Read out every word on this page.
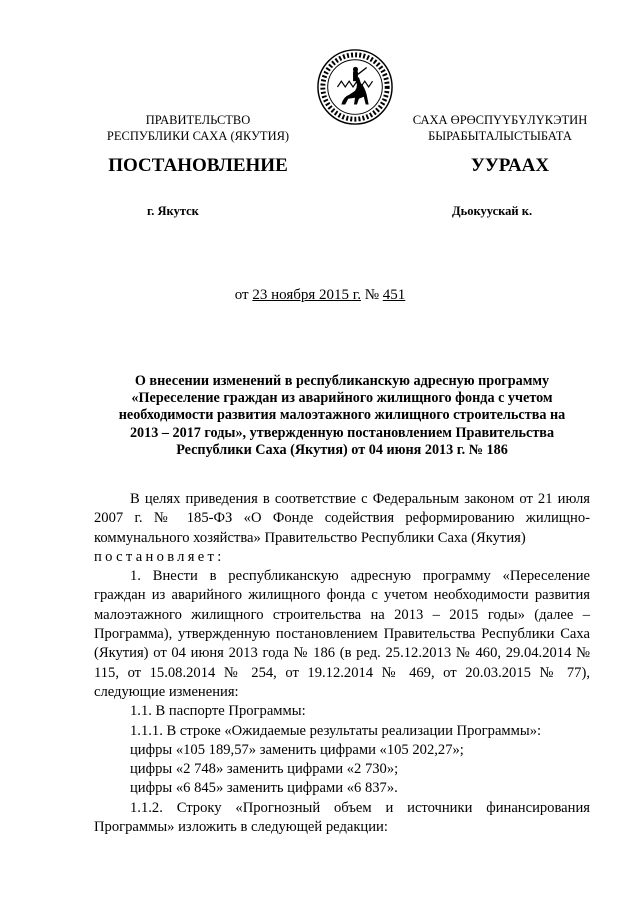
ПРАВИТЕЛЬСТВО
РЕСПУБЛИКИ САХА (ЯКУТИЯ)
САХА ӨРӨСПҮҮБҮЛҮКЭТИН
БЫРАБЫТАЛЫСТЫБАТА
ПОСТАНОВЛЕНИЕ	УУРААХ
г. Якутск	Дьокуускай к.
от 23 ноября 2015 г. № 451
О внесении изменений в республиканскую адресную программу
«Переселение граждан из аварийного жилищного фонда с учетом
необходимости развития малоэтажного жилищного строительства на
2013 – 2017 годы», утвержденную постановлением Правительства
Республики Саха (Якутия) от 04 июня 2013 г. № 186

В целях приведения в соответствие с Федеральным законом от 21 июля 2007 г. № 185-ФЗ «О Фонде содействия реформированию жилищно-коммунального хозяйства» Правительство Республики Саха (Якутия)

постановляет:

1. Внести в республиканскую адресную программу «Переселение граждан из аварийного жилищного фонда с учетом необходимости развития малоэтажного жилищного строительства на 2013 – 2015 годы» (далее – Программа), утвержденную постановлением Правительства Республики Саха (Якутия) от 04 июня 2013 года № 186 (в ред. 25.12.2013 № 460, 29.04.2014 № 115, от 15.08.2014 № 254, от 19.12.2014 № 469, от 20.03.2015 № 77), следующие изменения:

1.1. В паспорте Программы:

1.1.1. В строке «Ожидаемые результаты реализации Программы»:

цифры «105 189,57» заменить цифрами «105 202,27»;

цифры «2 748» заменить цифрами «2 730»;

цифры «6 845» заменить цифрами «6 837».

1.1.2. Строку «Прогнозный объем и источники финансирования Программы» изложить в следующей редакции:
